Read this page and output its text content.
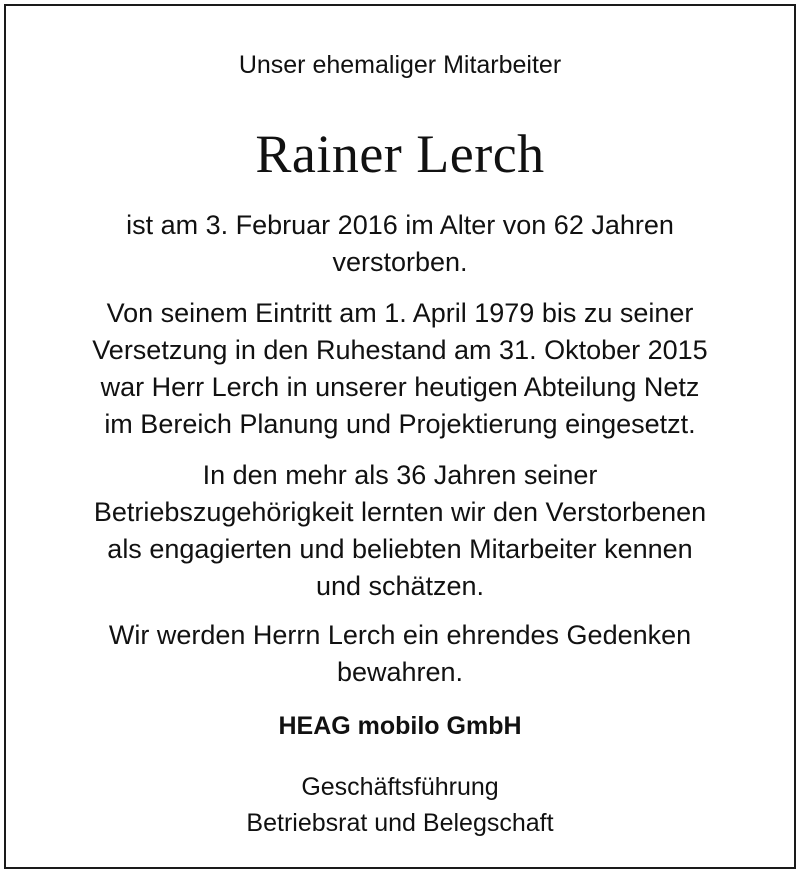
Unser ehemaliger Mitarbeiter
Rainer Lerch
ist am 3. Februar 2016 im Alter von 62 Jahren
verstorben.
Von seinem Eintritt am 1. April 1979 bis zu seiner
Versetzung in den Ruhestand am 31. Oktober 2015
war Herr Lerch in unserer heutigen Abteilung Netz
im Bereich Planung und Projektierung eingesetzt.
In den mehr als 36 Jahren seiner
Betriebszugehörigkeit lernten wir den Verstorbenen
als engagierten und beliebten Mitarbeiter kennen
und schätzen.
Wir werden Herrn Lerch ein ehrendes Gedenken
bewahren.
HEAG mobilo GmbH
Geschäftsführung
Betriebsrat und Belegschaft
